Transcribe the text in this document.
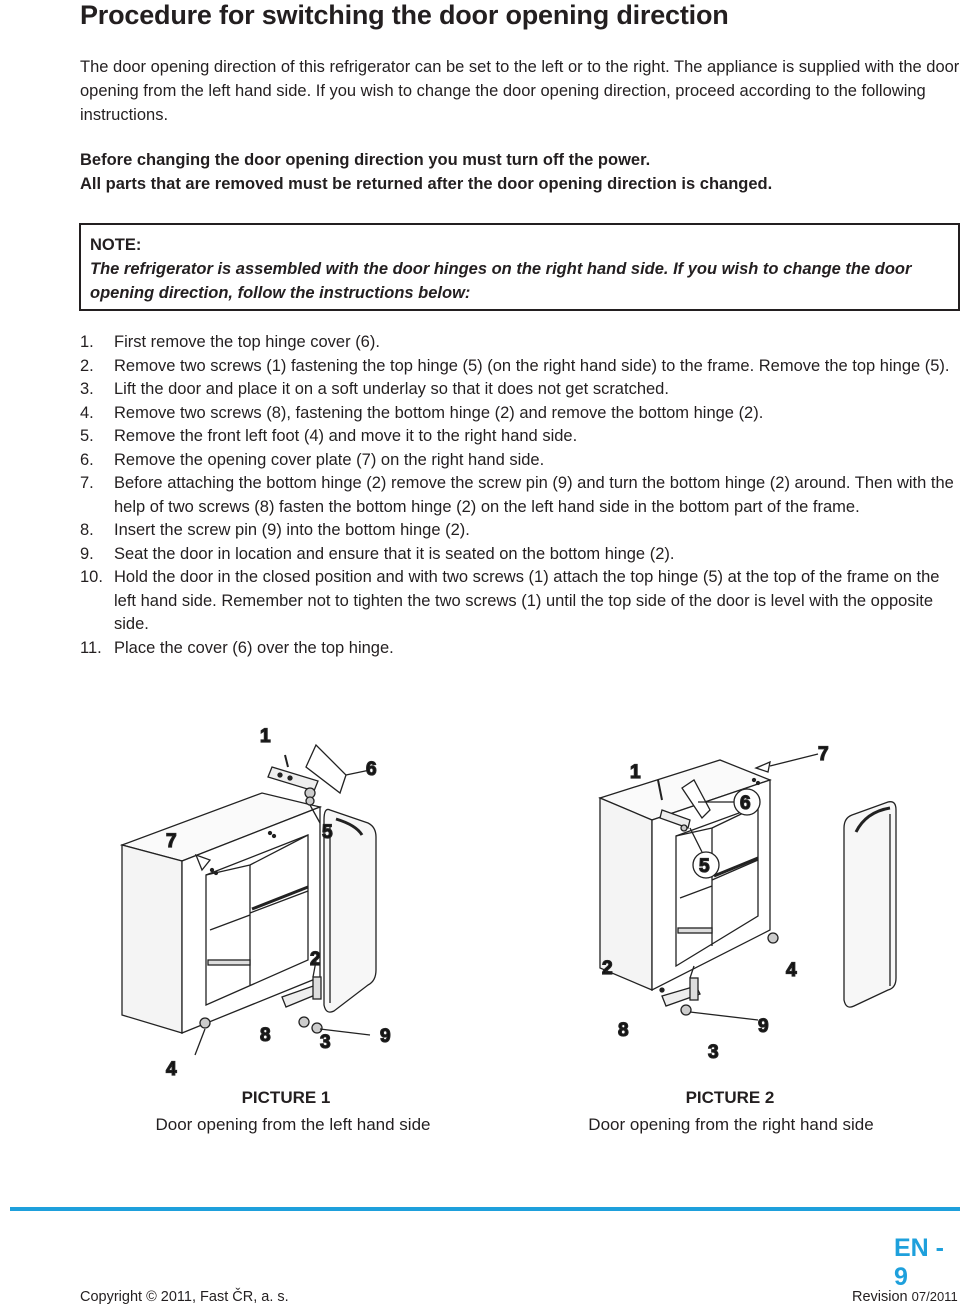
Procedure for switching the door opening direction

The door opening direction of this refrigerator can be set to the left or to the right. The appliance is supplied with the door opening from the left hand side. If you wish to change the door opening direction, proceed according to the following instructions.

Before changing the door opening direction you must turn off the power.
All parts that are removed must be returned after the door opening direction is changed.
NOTE:
The refrigerator is assembled with the door hinges on the right hand side. If you wish to change the door opening direction, follow the instructions below:
1.	First remove the top hinge cover (6).
2.	Remove two screws (1) fastening the top hinge (5) (on the right hand side) to the frame. Remove the top hinge (5).
3.	Lift the door and place it on a soft underlay so that it does not get scratched.
4.	Remove two screws (8), fastening the bottom hinge (2) and remove the bottom hinge (2).
5.	Remove the front left foot (4) and move it to the right hand side.
6.	Remove the opening cover plate (7) on the right hand side.
7.	Before attaching the bottom hinge (2) remove the screw pin (9) and turn the bottom hinge (2) around. Then with the help of two screws (8) fasten the bottom hinge (2) on the left hand side in the bottom part of the frame.
8.	Insert the screw pin (9) into the bottom hinge (2).
9.	Seat the door in location and ensure that it is seated on the bottom hinge (2).
10. Hold the door in the closed position and with two screws (1) attach the top hinge (5) at the top of the frame on the left hand side. Remember not to tighten the two screws (1) until the top side of the door is level with the opposite side.
11. Place the cover (6) over the top hinge.
1
6
7	5
2
4
8	3	9
1
7
6
5
2	4
8	9
3
PICTURE 1
Door opening from the left hand side
PICTURE 2
Door opening from the right hand side
EN - 9
Copyright © 2011, Fast ČR, a. s.	Revision 07/2011
